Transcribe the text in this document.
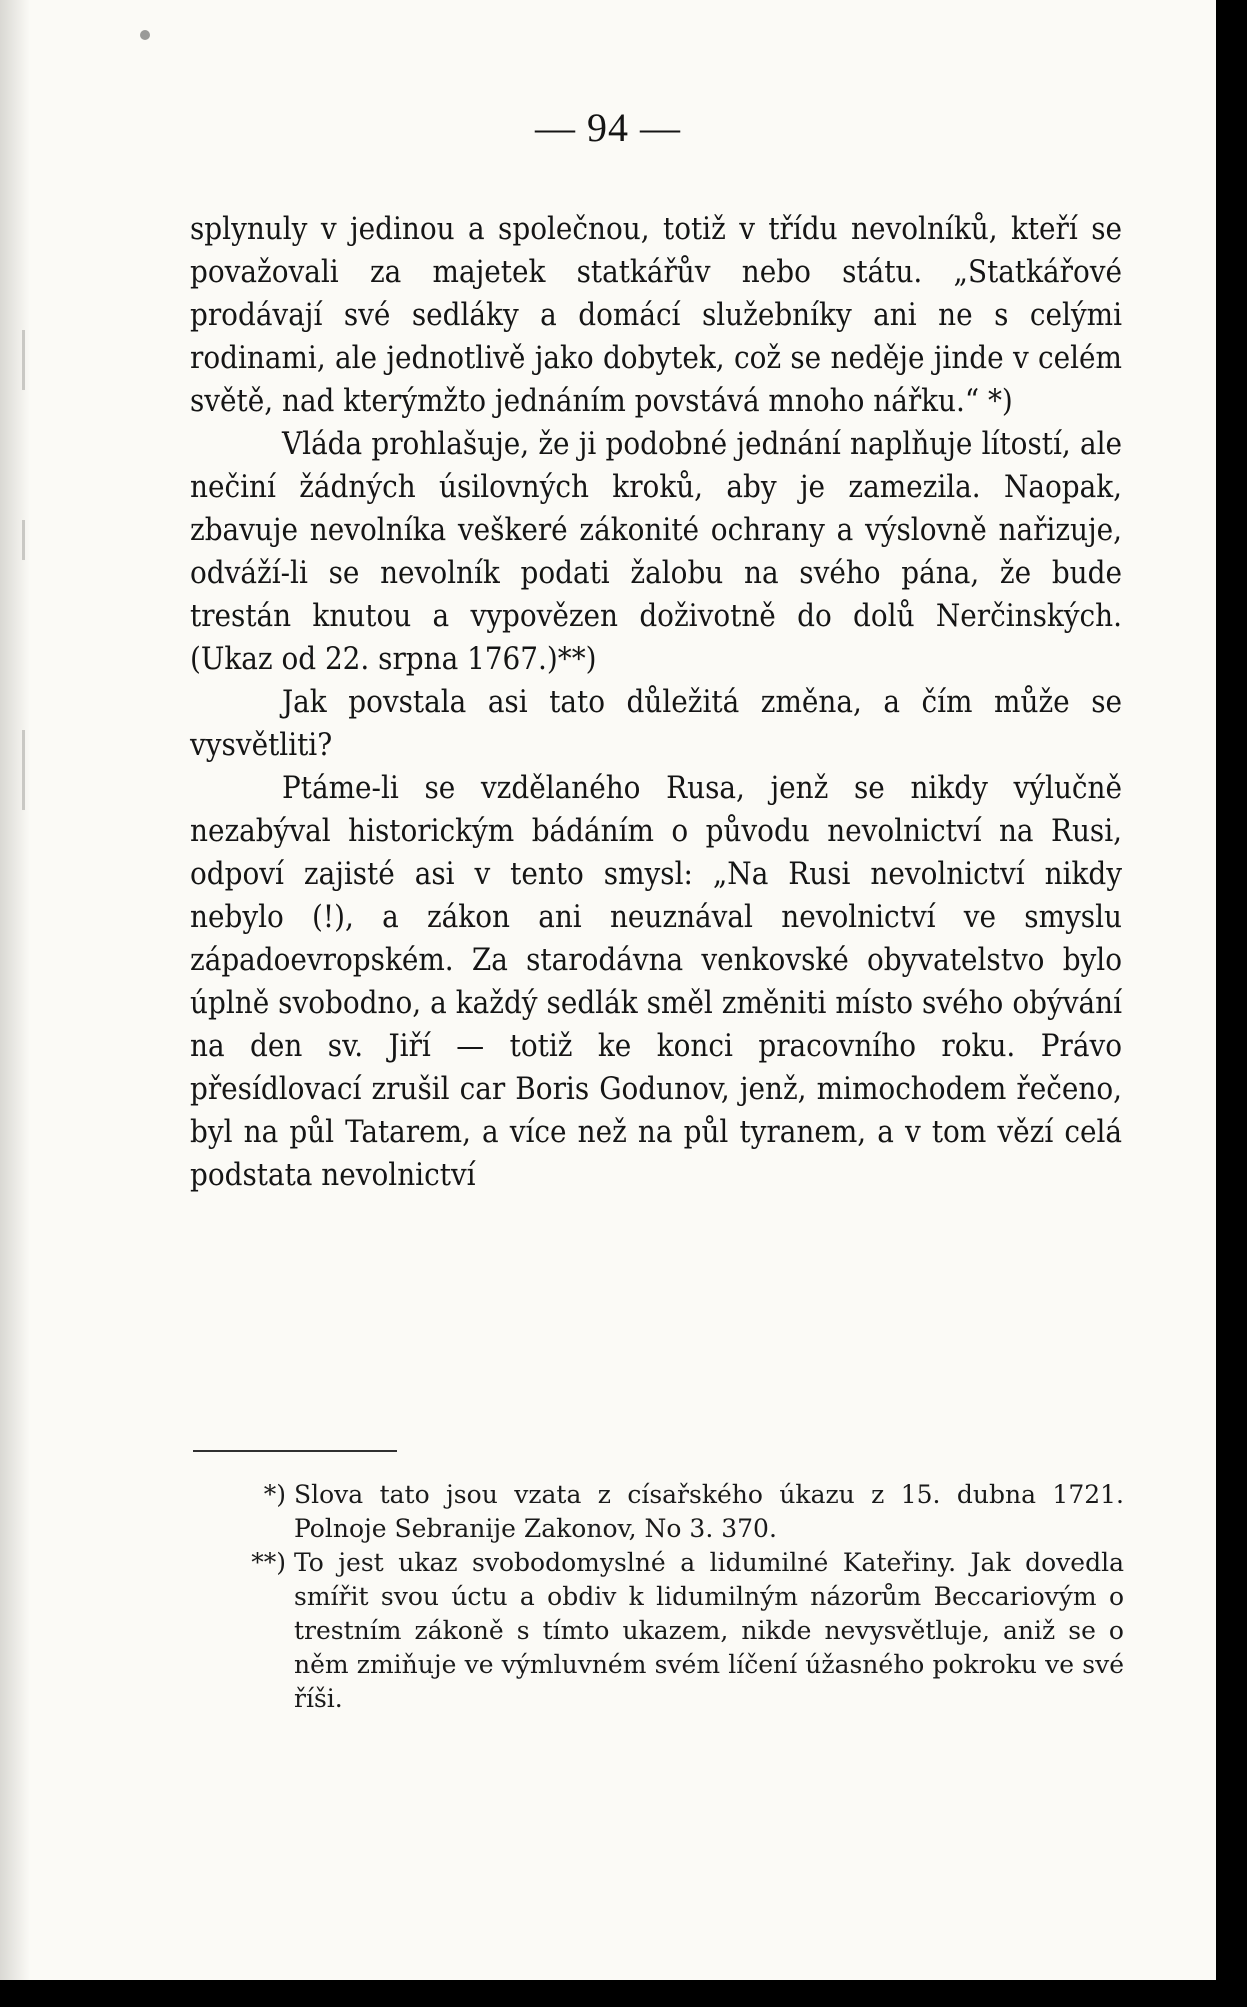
— 94 —

splynuly v jedinou a společnou, totiž v třídu nevolníků, kteří se považovali za majetek statkářův nebo státu. „Statkářové prodávají své sedláky a domácí služebníky ani ne s celými rodinami, ale jednotlivě jako dobytek, což se neděje jinde v celém světě, nad kterýmžto jednáním povstává mnoho nářku.“ *)

Vláda prohlašuje, že ji podobné jednání naplňuje lítostí, ale nečiní žádných úsilovných kroků, aby je zamezila. Naopak, zbavuje nevolníka veškeré zákonité ochrany a výslovně nařizuje, odváží-li se nevolník podati žalobu na svého pána, že bude trestán knutou a vypovězen doživotně do dolů Nerčinských. (Ukaz od 22. srpna 1767.)**)

Jak povstala asi tato důležitá změna, a čím může se vysvětliti?

Ptáme-li se vzdělaného Rusa, jenž se nikdy výlučně nezabýval historickým bádáním o původu nevolnictví na Rusi, odpoví zajisté asi v tento smysl: „Na Rusi nevolnictví nikdy nebylo (!), a zákon ani neuznával nevolnictví ve smyslu západoevropském. Za starodávna venkovské obyvatelstvo bylo úplně svobodno, a každý sedlák směl změniti místo svého obývání na den sv. Jiří — totiž ke konci pracovního roku. Právo přesídlovací zrušil car Boris Godunov, jenž, mimochodem řečeno, byl na půl Tatarem, a více než na půl tyranem, a v tom vězí celá podstata nevolnictví

*) Slova tato jsou vzata z císařského úkazu z 15. dubna 1721. Polnoje Sebranije Zakonov, No 3. 370.
**) To jest ukaz svobodomyslné a lidumilné Kateřiny. Jak dovedla smířit svou úctu a obdiv k lidumilným názorům Beccariovým o trestním zákoně s tímto ukazem, nikde nevysvětluje, aniž se o něm zmiňuje ve výmluvném svém líčení úžasného pokroku ve své říši.
